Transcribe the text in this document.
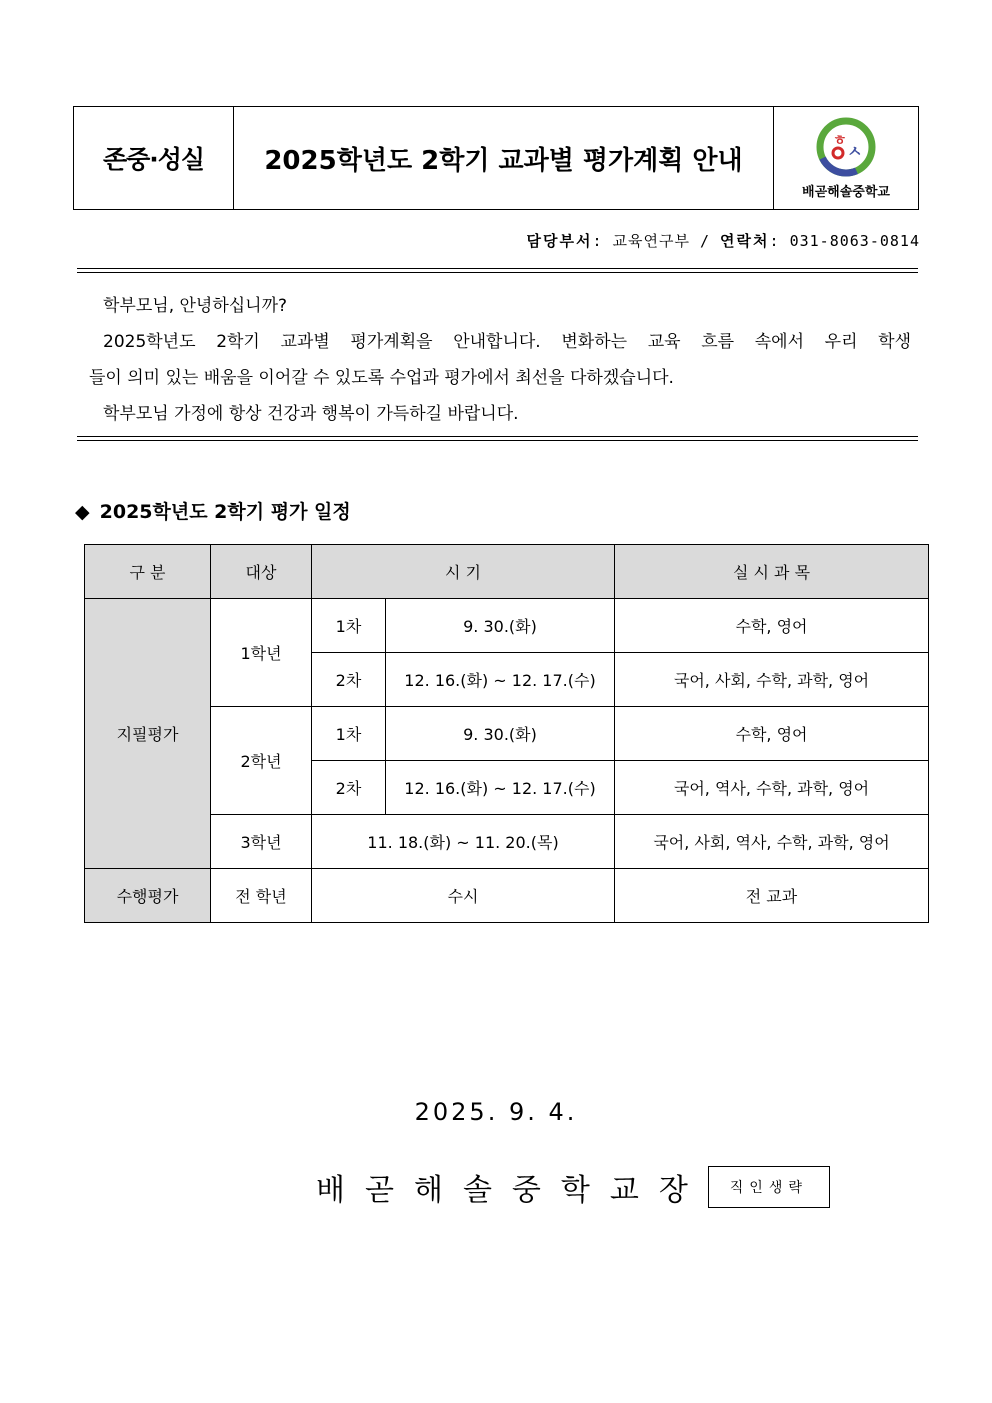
존중·성실	2025학년도 2학기 교과별 평가계획 안내
ㅎ
ㅅ
배곧해솔중학교
담당부서: 교육연구부 / 연락처: 031-8063-0814

학부모님, 안녕하십니까?

2025학년도 2학기 교과별 평가계획을 안내합니다. 변화하는 교육 흐름 속에서 우리 학생

들이 의미 있는 배움을 이어갈 수 있도록 수업과 평가에서 최선을 다하겠습니다.

학부모님 가정에 항상 건강과 행복이 가득하길 바랍니다.

◆ 2025학년도 2학기 평가 일정
구 분	대상	시 기		실 시 과 목
지필평가	1학년	1차	9. 30.(화)	수학, 영어
		2차	12. 16.(화) ~ 12. 17.(수)	국어, 사회, 수학, 과학, 영어
	2학년	1차	9. 30.(화)	수학, 영어
		2차	12. 16.(화) ~ 12. 17.(수)	국어, 역사, 수학, 과학, 영어
	3학년	11. 18.(화) ~ 11. 20.(목)		국어, 사회, 역사, 수학, 과학, 영어
수행평가	전 학년	수시		전 교과
2025. 9. 4.
배곧해솔중학교장	직인생략
